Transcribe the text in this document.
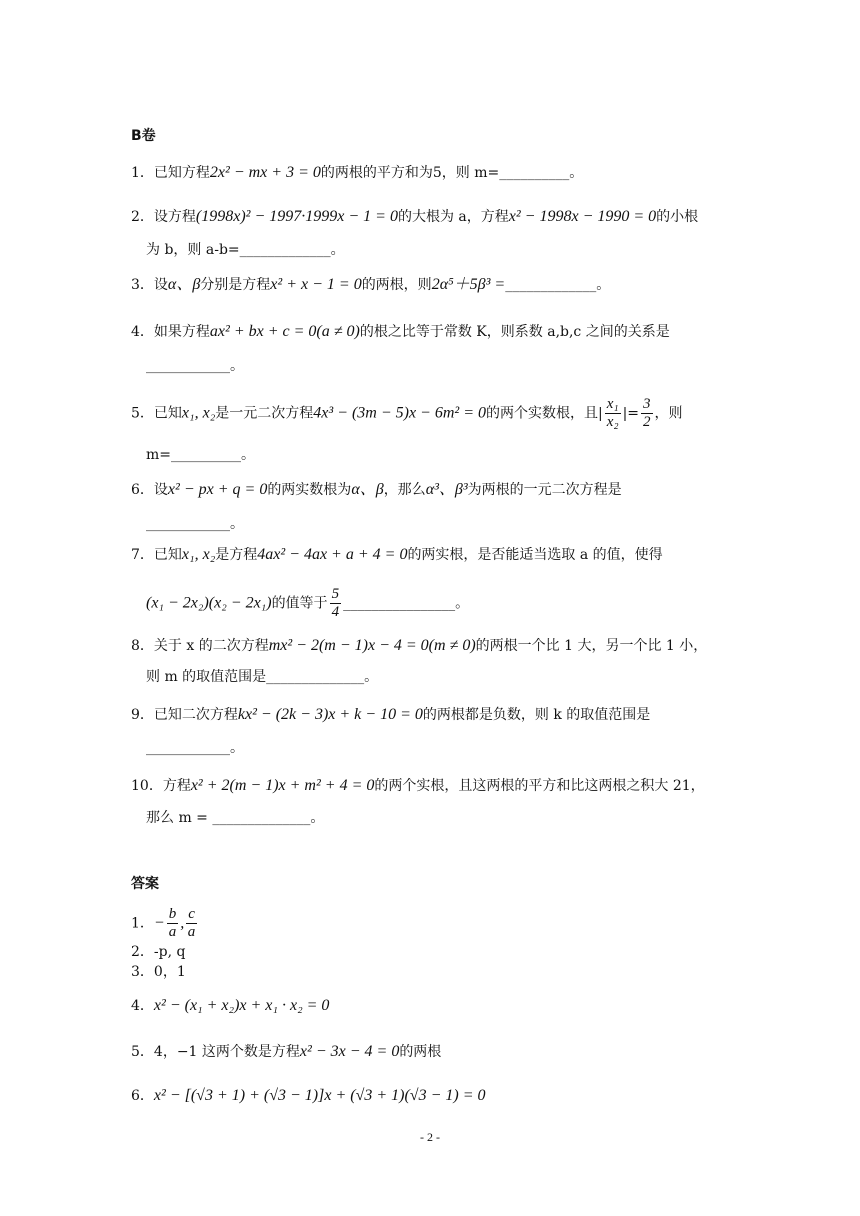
B卷
1．已知方程2x² − mx + 3 = 0的两根的平方和为5，则 m=__________。
2．设方程(1998x)² − 1997·1999x − 1 = 0的大根为 a，方程x² − 1998x − 1990 = 0的小根
为 b，则 a-b=_____________。
3．设α、β分别是方程x² + x − 1 = 0的两根，则2α⁵＋5β³ =_____________。
4．如果方程ax² + bx + c = 0(a ≠ 0)的根之比等于常数 K，则系数 a,b,c 之间的关系是
____________。
5．已知x₁, x₂是一元二次方程4x³ − (3m − 5)x − 6m² = 0的两个实数根，且| $\frac{\text{x₁}}{\text{x₂}}$ |= $\frac{3}{2}$ ，则
m=__________。
6．设x² − px + q = 0的两实数根为α、β，那么α³、β³为两根的一元二次方程是
____________。
7．已知x₁, x₂是方程4ax² − 4ax + a + 4 = 0的两实根，是否能适当选取 a 的值，使得
(x₁ − 2x₂)(x₂ − 2x₁)的值等于 $\frac{5}{4}$ ________________。
8．关于 x 的二次方程mx² − 2(m − 1)x − 4 = 0(m ≠ 0)的两根一个比 1 大，另一个比 1 小，
则 m 的取值范围是______________。
9．已知二次方程kx² − (2k − 3)x + k − 10 = 0的两根都是负数，则 k 的取值范围是
____________。
10．方程x² + 2(m − 1)x + m² + 4 = 0的两个实根，且这两根的平方和比这两根之积大 21，
那么 m = ______________。
答案
1．− $\frac{b}{a}$ , $\frac{c}{a}$
2．-p, q
3．0，1
4．x² − (x₁ + x₂)x + x₁ · x₂ = 0
5．4，−1 这两个数是方程x² − 3x − 4 = 0的两根
6．x² − [(√3 + 1) + (√3 − 1)]x + (√3 + 1)(√3 − 1) = 0
- 2 -
